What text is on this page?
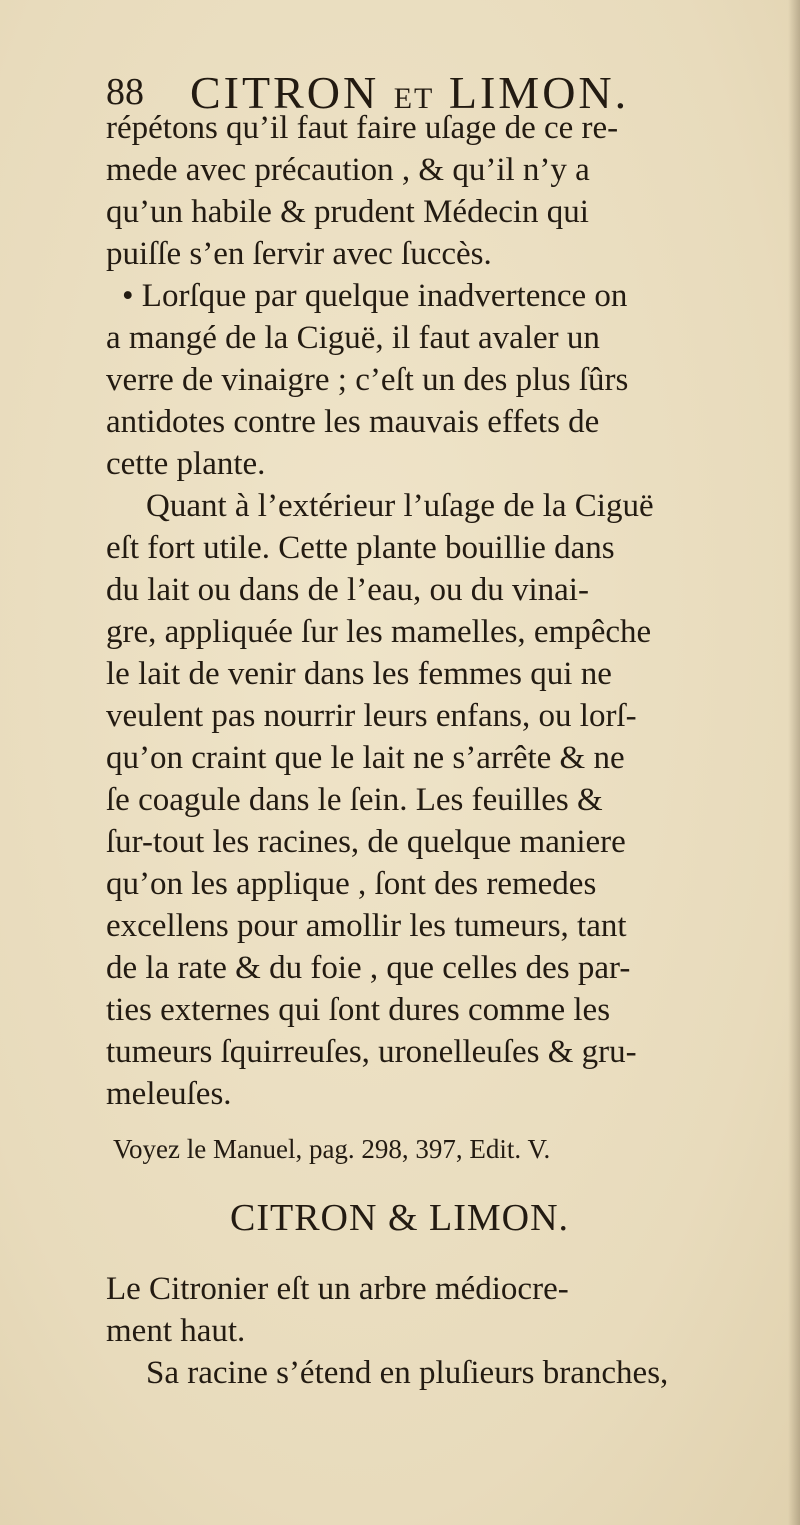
88 CITRON ET LIMON.
répétons qu’il faut faire uſage de ce re-
mede avec précaution , & qu’il n’y a
qu’un habile & prudent Médecin qui
puiſſe s’en ſervir avec ſuccès.
• Lorſque par quelque inadvertence on
a mangé de la Ciguë, il faut avaler un
verre de vinaigre ; c’eſt un des plus ſûrs
antidotes contre les mauvais effets de
cette plante.
Quant à l’extérieur l’uſage de la Ciguë
eſt fort utile. Cette plante bouillie dans
du lait ou dans de l’eau, ou du vinai-
gre, appliquée ſur les mamelles, empêche
le lait de venir dans les femmes qui ne
veulent pas nourrir leurs enfans, ou lorſ-
qu’on craint que le lait ne s’arrête & ne
ſe coagule dans le ſein. Les feuilles &
ſur-tout les racines, de quelque maniere
qu’on les applique , ſont des remedes
excellens pour amollir les tumeurs, tant
de la rate & du foie , que celles des par-
ties externes qui ſont dures comme les
tumeurs ſquirreuſes, uronelleuſes & gru-
meleuſes.
Voyez le Manuel, pag. 298, 397, Edit. V.
CITRON & LIMON.
Le Citronier eſt un arbre médiocre-
ment haut.
Sa racine s’étend en pluſieurs branches,
